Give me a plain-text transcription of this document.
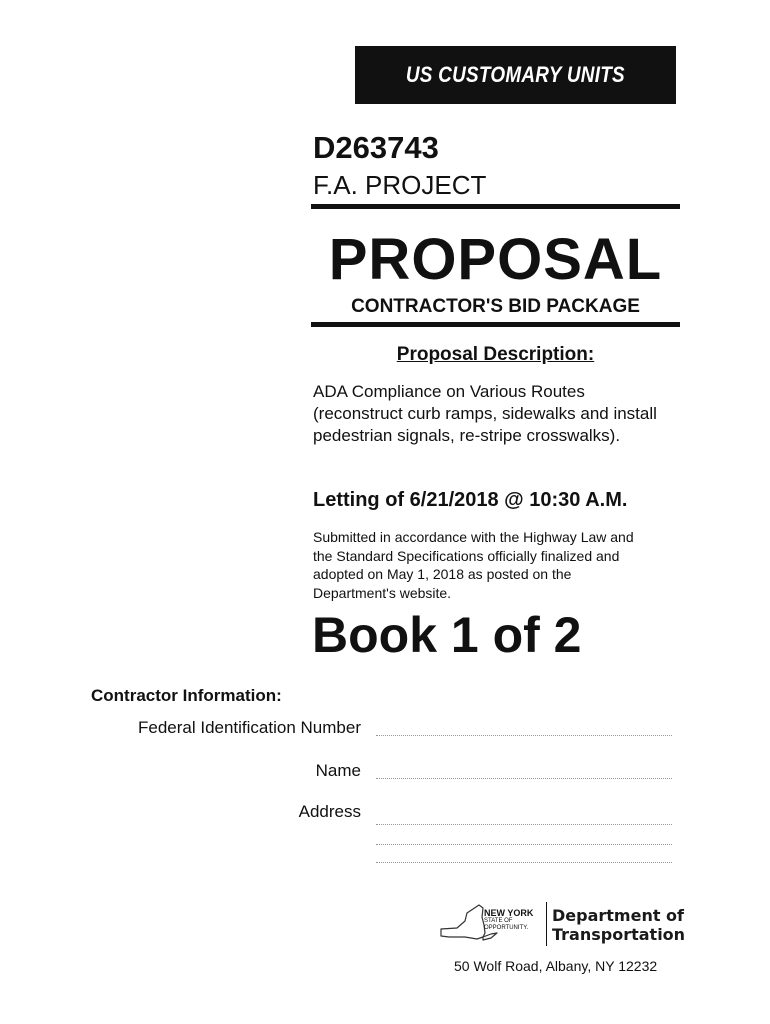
US CUSTOMARY UNITS
D263743
F.A. PROJECT
PROPOSAL
CONTRACTOR'S BID PACKAGE
Proposal Description:
ADA Compliance on Various Routes
(reconstruct curb ramps, sidewalks and install
pedestrian signals, re-stripe crosswalks).
Letting of 6/21/2018 @ 10:30 A.M.
Submitted in accordance with the Highway Law and
the Standard Specifications officially finalized and
adopted on May 1, 2018 as posted on the
Department's website.
Book 1 of 2
Contractor Information:
Federal Identification Number
Name
Address
NEW YORK
STATE OF
OPPORTUNITY.
Department of
Transportation
50 Wolf Road, Albany, NY 12232
